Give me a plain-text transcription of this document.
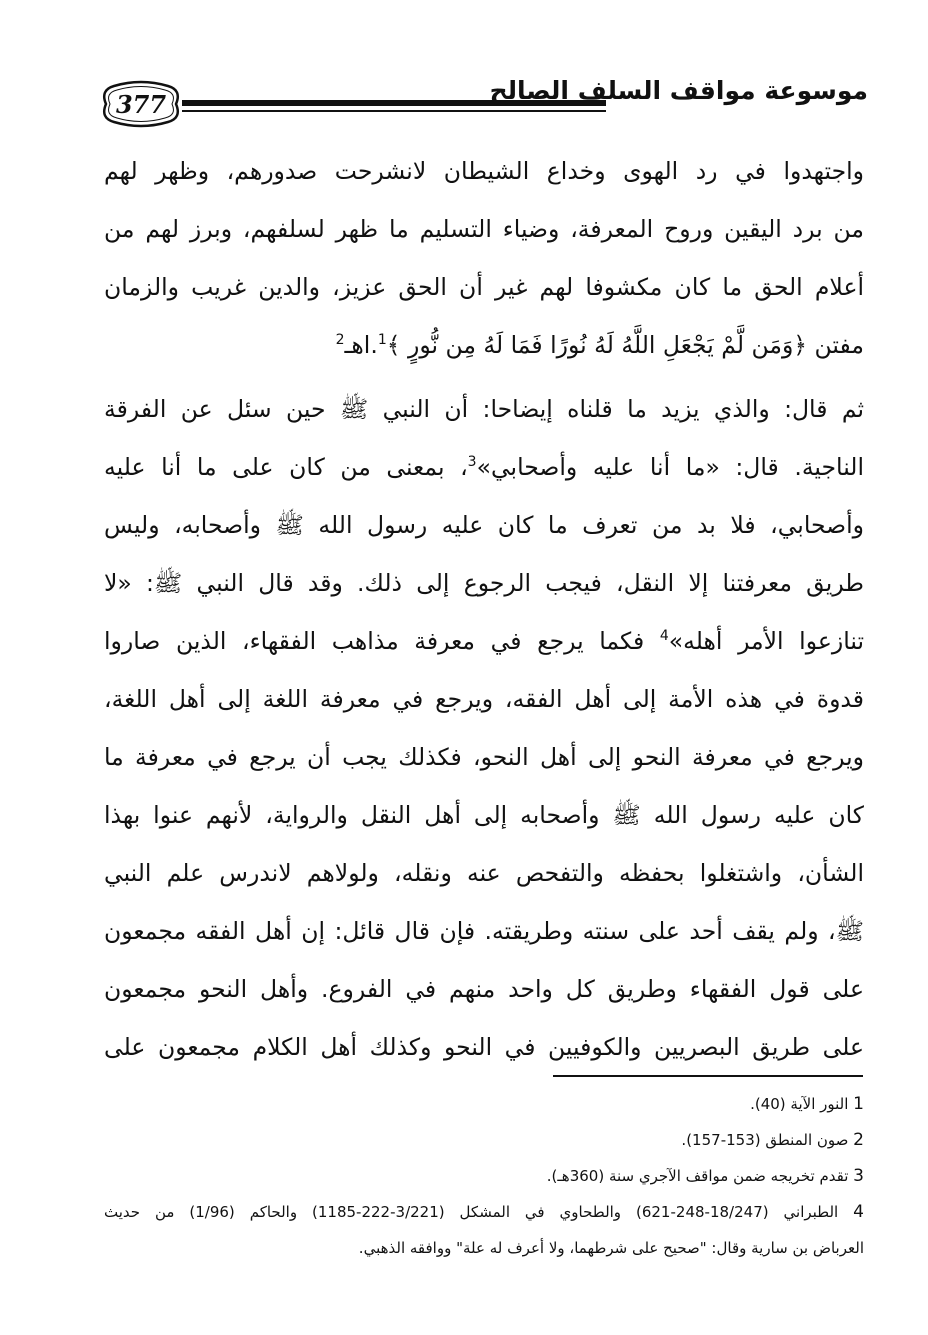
377	موسوعة مواقف السلف الصالح
واجتهدوا في رد الهوى وخداع الشيطان لانشرحت صدورهم، وظهر لهم
من برد اليقين وروح المعرفة، وضياء التسليم ما ظهر لسلفهم، وبرز لهم من
أعلام الحق ما كان مكشوفا لهم غير أن الحق عزيز، والدين غريب والزمان
مفتن ﴿وَمَن لَّمْ يَجْعَلِ اللَّهُ لَهُ نُورًا فَمَا لَهُ مِن نُّورٍ ﴾$^1$.اهـ$^2$
ثم قال: والذي يزيد ما قلناه إيضاحا: أن النبي ﷺ حين سئل عن الفرقة
الناجية. قال: «ما أنا عليه وأصحابي»$^3$، بمعنى من كان على ما أنا عليه
وأصحابي، فلا بد من تعرف ما كان عليه رسول الله ﷺ وأصحابه، وليس
طريق معرفتنا إلا النقل، فيجب الرجوع إلى ذلك. وقد قال النبي ﷺ: «لا
تنازعوا الأمر أهله»$^4$ فكما يرجع في معرفة مذاهب الفقهاء، الذين صاروا
قدوة في هذه الأمة إلى أهل الفقه، ويرجع في معرفة اللغة إلى أهل اللغة،
ويرجع في معرفة النحو إلى أهل النحو، فكذلك يجب أن يرجع في معرفة ما
كان عليه رسول الله ﷺ وأصحابه إلى أهل النقل والرواية، لأنهم عنوا بهذا
الشأن، واشتغلوا بحفظه والتفحص عنه ونقله، ولولاهم لاندرس علم النبي
ﷺ، ولم يقف أحد على سنته وطريقته. فإن قال قائل: إن أهل الفقه مجمعون
على قول الفقهاء وطريق كل واحد منهم في الفروع. وأهل النحو مجمعون
على طريق البصريين والكوفيين في النحو وكذلك أهل الكلام مجمعون على
1 النور الآية (40).
2 صون المنطق (153-157).
3 تقدم تخريجه ضمن مواقف الآجري سنة (360هـ).
4 الطبراني (18/247-248-621) والطحاوي في المشكل (3/221-222-1185) والحاكم (1/96) من حديث
العرباض بن سارية وقال: "صحيح على شرطهما، ولا أعرف له علة" ووافقه الذهبي.
